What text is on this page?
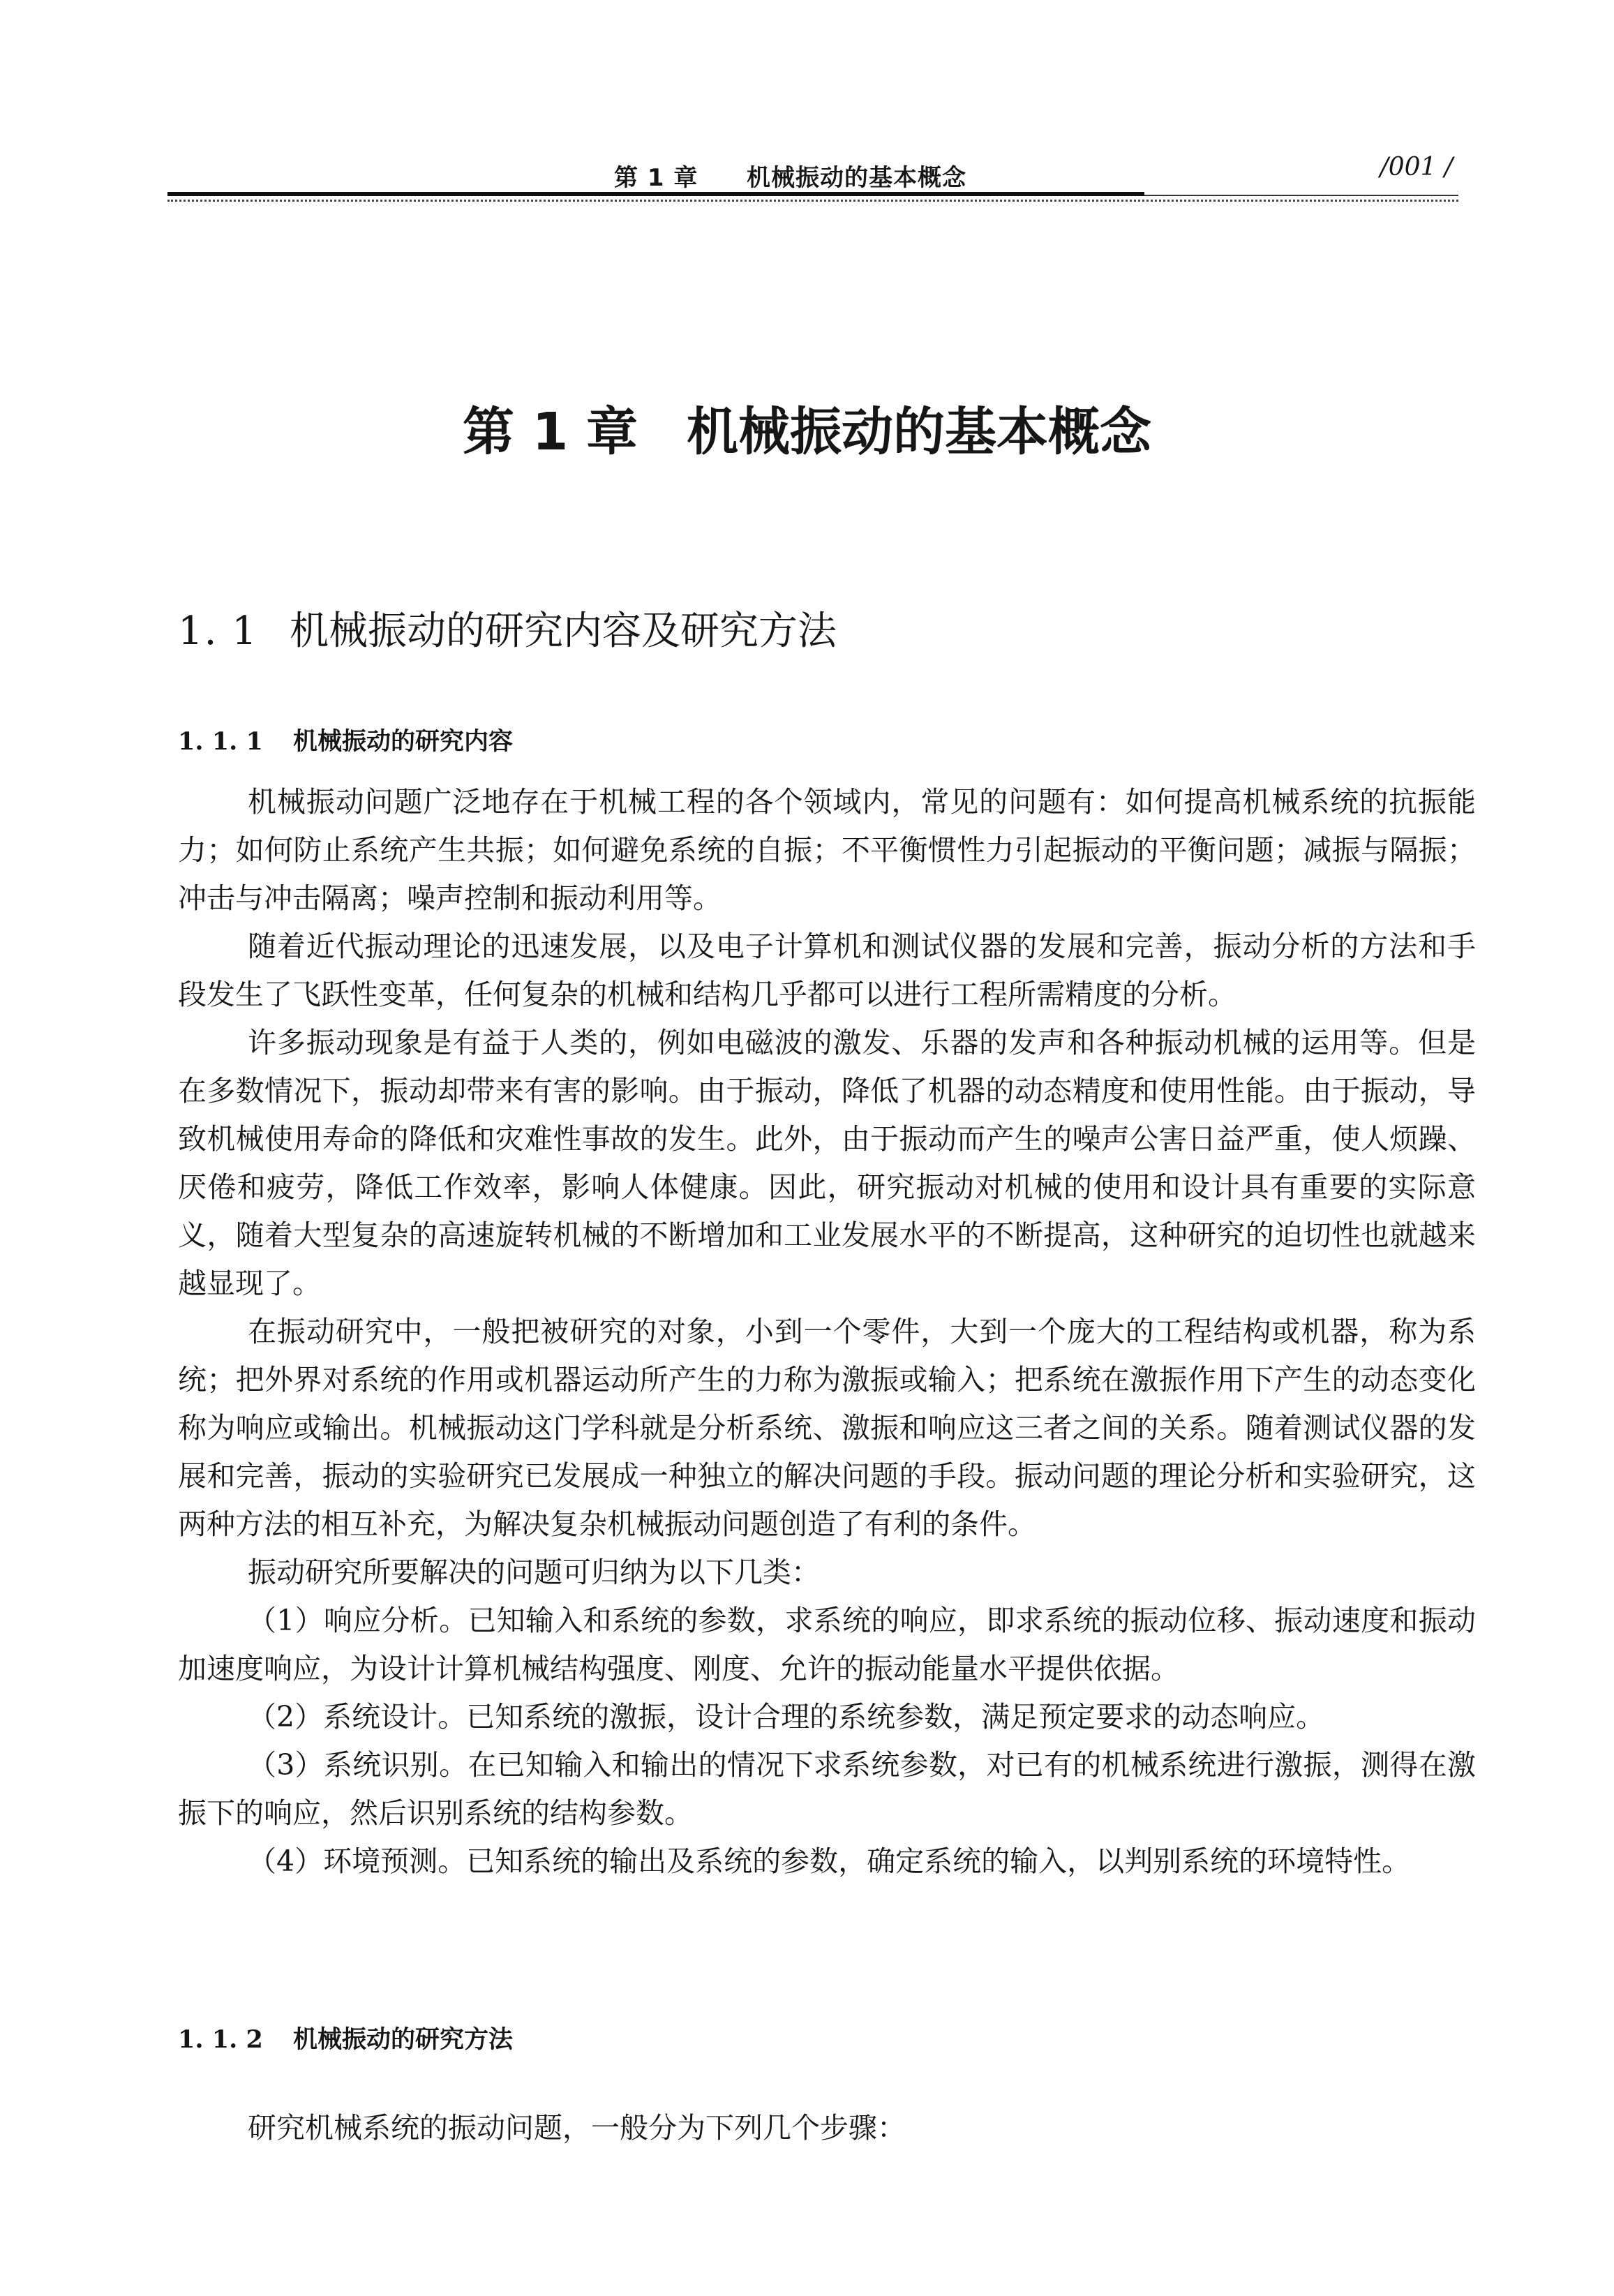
第 1 章 机械振动的基本概念	/001 /
第 1 章 机械振动的基本概念
1. 1 机械振动的研究内容及研究方法
1. 1. 1 机械振动的研究内容

机械振动问题广泛地存在于机械工程的各个领域内，常见的问题有：如何提高机械系统的抗振能力；如何防止系统产生共振；如何避免系统的自振；不平衡惯性力引起振动的平衡问题；减振与隔振；冲击与冲击隔离；噪声控制和振动利用等。

随着近代振动理论的迅速发展，以及电子计算机和测试仪器的发展和完善，振动分析的方法和手段发生了飞跃性变革，任何复杂的机械和结构几乎都可以进行工程所需精度的分析。

许多振动现象是有益于人类的，例如电磁波的激发、乐器的发声和各种振动机械的运用等。但是在多数情况下，振动却带来有害的影响。由于振动，降低了机器的动态精度和使用性能。由于振动，导致机械使用寿命的降低和灾难性事故的发生。此外，由于振动而产生的噪声公害日益严重，使人烦躁、厌倦和疲劳，降低工作效率，影响人体健康。因此，研究振动对机械的使用和设计具有重要的实际意义，随着大型复杂的高速旋转机械的不断增加和工业发展水平的不断提高，这种研究的迫切性也就越来越显现了。

在振动研究中，一般把被研究的对象，小到一个零件，大到一个庞大的工程结构或机器，称为系统；把外界对系统的作用或机器运动所产生的力称为激振或输入；把系统在激振作用下产生的动态变化称为响应或输出。机械振动这门学科就是分析系统、激振和响应这三者之间的关系。随着测试仪器的发展和完善，振动的实验研究已发展成一种独立的解决问题的手段。振动问题的理论分析和实验研究，这两种方法的相互补充，为解决复杂机械振动问题创造了有利的条件。

振动研究所要解决的问题可归纳为以下几类：

（1）响应分析。已知输入和系统的参数，求系统的响应，即求系统的振动位移、振动速度和振动加速度响应，为设计计算机械结构强度、刚度、允许的振动能量水平提供依据。

（2）系统设计。已知系统的激振，设计合理的系统参数，满足预定要求的动态响应。

（3）系统识别。在已知输入和输出的情况下求系统参数，对已有的机械系统进行激振，测得在激振下的响应，然后识别系统的结构参数。

（4）环境预测。已知系统的输出及系统的参数，确定系统的输入，以判别系统的环境特性。

1. 1. 2 机械振动的研究方法
研究机械系统的振动问题，一般分为下列几个步骤：
